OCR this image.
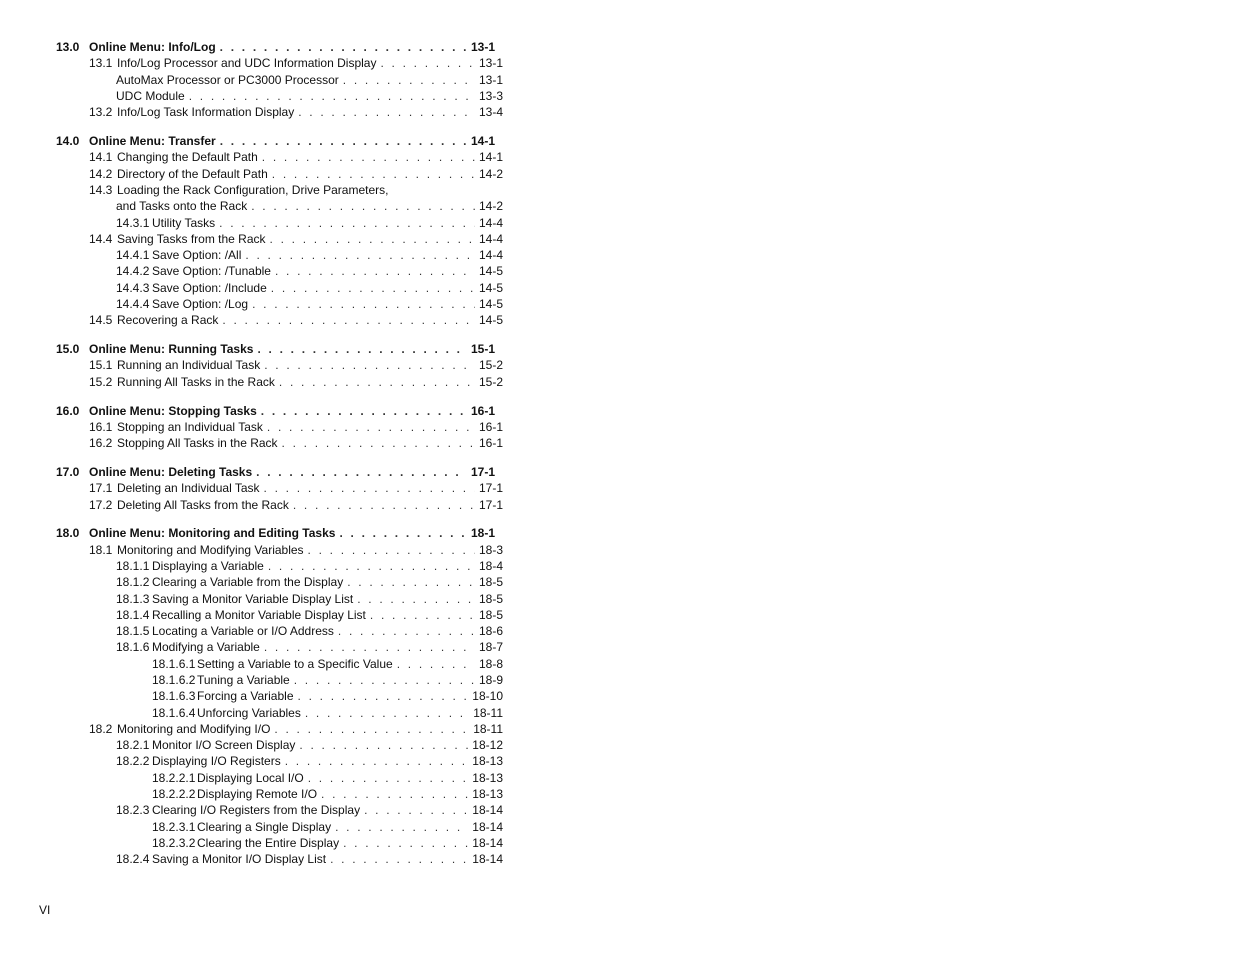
13.0 Online Menu: Info/Log . . .	13-1
13.1 Info/Log Processor and UDC Information Display . . .	13-1
AutoMax Processor or PC3000 Processor . . .	13-1
UDC Module . . .	13-3
13.2 Info/Log Task Information Display . . .	13-4
14.0 Online Menu: Transfer . . .	14-1
14.1 Changing the Default Path . . .	14-1
14.2 Directory of the Default Path . . .	14-2
14.3 Loading the Rack Configuration, Drive Parameters,
and Tasks onto the Rack . . .	14-2
14.3.1 Utility Tasks . . .	14-4
14.4 Saving Tasks from the Rack . . .	14-4
14.4.1 Save Option: /All . . .	14-4
14.4.2 Save Option: /Tunable . . .	14-5
14.4.3 Save Option: /Include . . .	14-5
14.4.4 Save Option: /Log . . .	14-5
14.5 Recovering a Rack . . .	14-5
15.0 Online Menu: Running Tasks . . .	15-1
15.1 Running an Individual Task . . .	15-2
15.2 Running All Tasks in the Rack . . .	15-2
16.0 Online Menu: Stopping Tasks . . .	16-1
16.1 Stopping an Individual Task . . .	16-1
16.2 Stopping All Tasks in the Rack . . .	16-1
17.0 Online Menu: Deleting Tasks . . .	17-1
17.1 Deleting an Individual Task . . .	17-1
17.2 Deleting All Tasks from the Rack . . .	17-1
18.0 Online Menu: Monitoring and Editing Tasks . . .	18-1
18.1 Monitoring and Modifying Variables . . .	18-3
18.1.1 Displaying a Variable . . .	18-4
18.1.2 Clearing a Variable from the Display . . .	18-5
18.1.3 Saving a Monitor Variable Display List . . .	18-5
18.1.4 Recalling a Monitor Variable Display List . . .	18-5
18.1.5 Locating a Variable or I/O Address . . .	18-6
18.1.6 Modifying a Variable . . .	18-7
18.1.6.1 Setting a Variable to a Specific Value . . .	18-8
18.1.6.2 Tuning a Variable . . .	18-9
18.1.6.3 Forcing a Variable . . .	18-10
18.1.6.4 Unforcing Variables . . .	18-11
18.2 Monitoring and Modifying I/O . . .	18-11
18.2.1 Monitor I/O Screen Display . . .	18-12
18.2.2 Displaying I/O Registers . . .	18-13
18.2.2.1 Displaying Local I/O . . .	18-13
18.2.2.2 Displaying Remote I/O . . .	18-13
18.2.3 Clearing I/O Registers from the Display . . .	18-14
18.2.3.1 Clearing a Single Display . . .	18-14
18.2.3.2 Clearing the Entire Display . . .	18-14
18.2.4 Saving a Monitor I/O Display List . . .	18-14
VI
